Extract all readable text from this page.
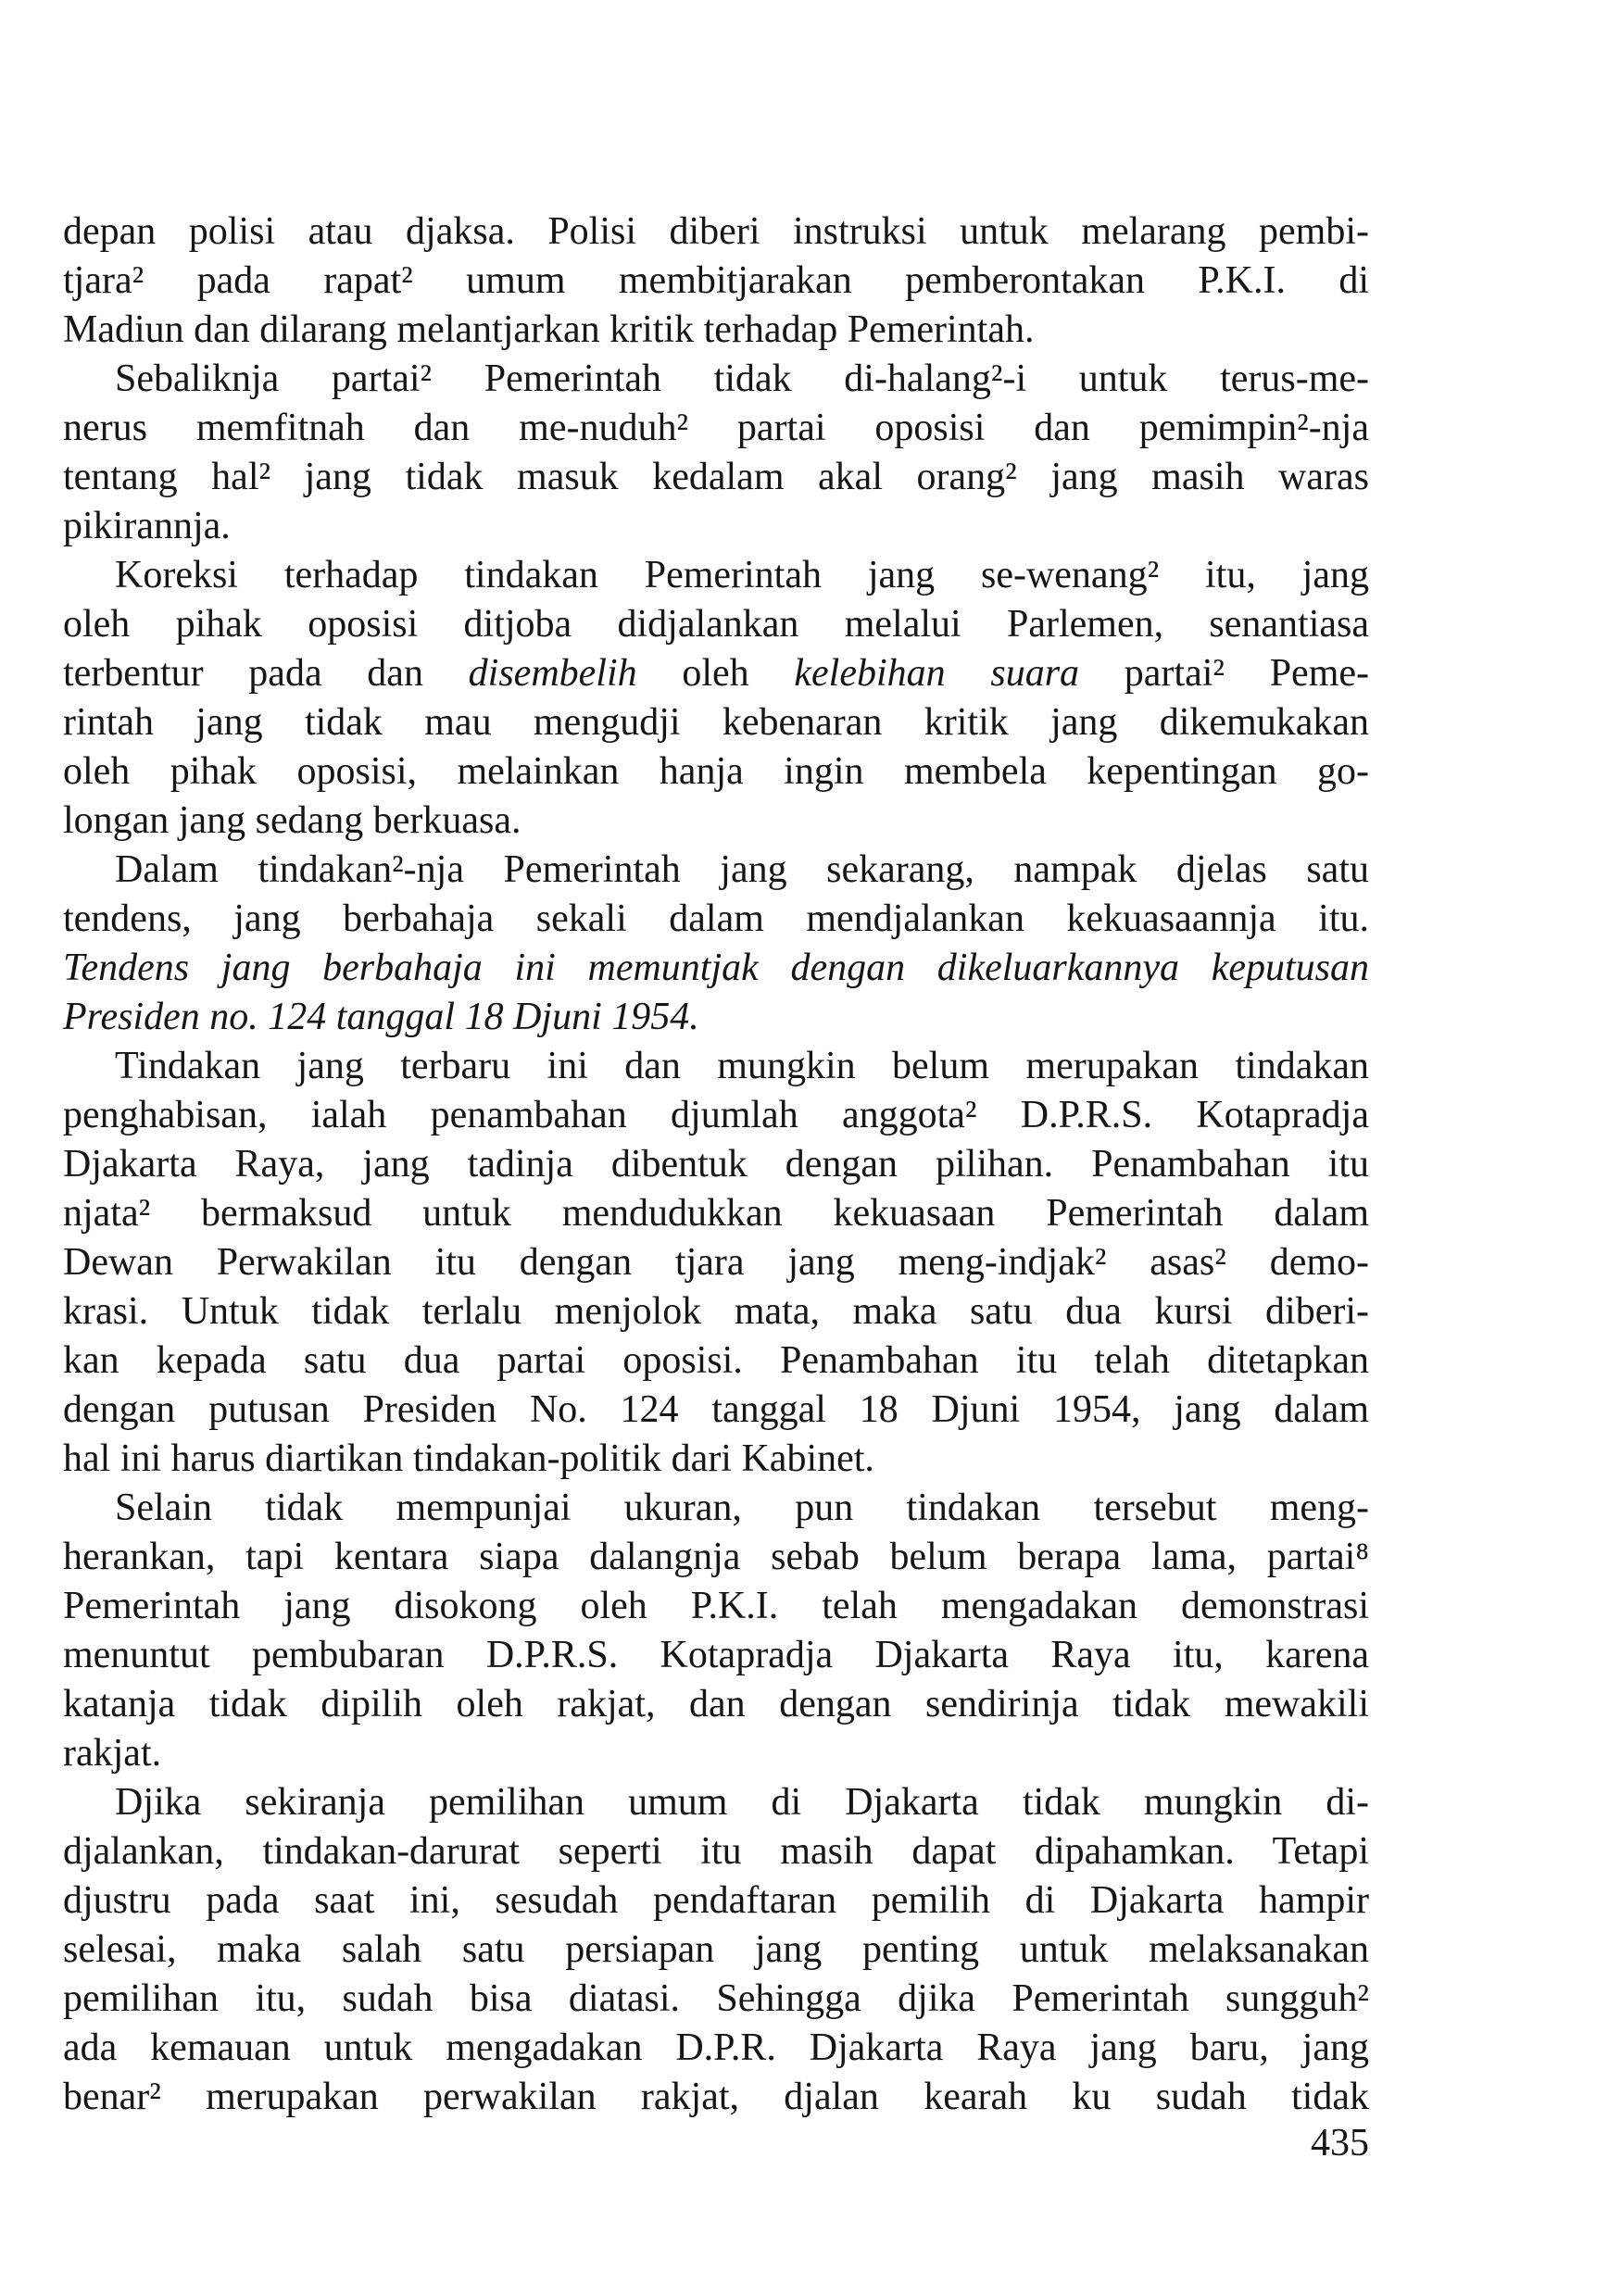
depan polisi atau djaksa. Polisi diberi instruksi untuk melarang pembi-
tjara² pada rapat² umum membitjarakan pemberontakan P.K.I. di
Madiun dan dilarang melantjarkan kritik terhadap Pemerintah.
Sebaliknja partai² Pemerintah tidak di-halang²-i untuk terus-me-
nerus memfitnah dan me-nuduh² partai oposisi dan pemimpin²-nja
tentang hal² jang tidak masuk kedalam akal orang² jang masih waras
pikirannja.
Koreksi terhadap tindakan Pemerintah jang se-wenang² itu, jang
oleh pihak oposisi ditjoba didjalankan melalui Parlemen, senantiasa
terbentur pada dan disembelih oleh kelebihan suara partai² Peme-
rintah jang tidak mau mengudji kebenaran kritik jang dikemukakan
oleh pihak oposisi, melainkan hanja ingin membela kepentingan go-
longan jang sedang berkuasa.
Dalam tindakan²-nja Pemerintah jang sekarang, nampak djelas satu
tendens, jang berbahaja sekali dalam mendjalankan kekuasaannja itu.
Tendens jang berbahaja ini memuntjak dengan dikeluarkannya keputusan
Presiden no. 124 tanggal 18 Djuni 1954.
Tindakan jang terbaru ini dan mungkin belum merupakan tindakan
penghabisan, ialah penambahan djumlah anggota² D.P.R.S. Kotapradja
Djakarta Raya, jang tadinja dibentuk dengan pilihan. Penambahan itu
njata² bermaksud untuk mendudukkan kekuasaan Pemerintah dalam
Dewan Perwakilan itu dengan tjara jang meng-indjak² asas² demo-
krasi. Untuk tidak terlalu menjolok mata, maka satu dua kursi diberi-
kan kepada satu dua partai oposisi. Penambahan itu telah ditetapkan
dengan putusan Presiden No. 124 tanggal 18 Djuni 1954, jang dalam
hal ini harus diartikan tindakan-politik dari Kabinet.
Selain tidak mempunjai ukuran, pun tindakan tersebut meng-
herankan, tapi kentara siapa dalangnja sebab belum berapa lama, partai⁸
Pemerintah jang disokong oleh P.K.I. telah mengadakan demonstrasi
menuntut pembubaran D.P.R.S. Kotapradja Djakarta Raya itu, karena
katanja tidak dipilih oleh rakjat, dan dengan sendirinja tidak mewakili
rakjat.
Djika sekiranja pemilihan umum di Djakarta tidak mungkin di-
djalankan, tindakan-darurat seperti itu masih dapat dipahamkan. Tetapi
djustru pada saat ini, sesudah pendaftaran pemilih di Djakarta hampir
selesai, maka salah satu persiapan jang penting untuk melaksanakan
pemilihan itu, sudah bisa diatasi. Sehingga djika Pemerintah sungguh²
ada kemauan untuk mengadakan D.P.R. Djakarta Raya jang baru, jang
benar² merupakan perwakilan rakjat, djalan kearah ku sudah tidak
435
